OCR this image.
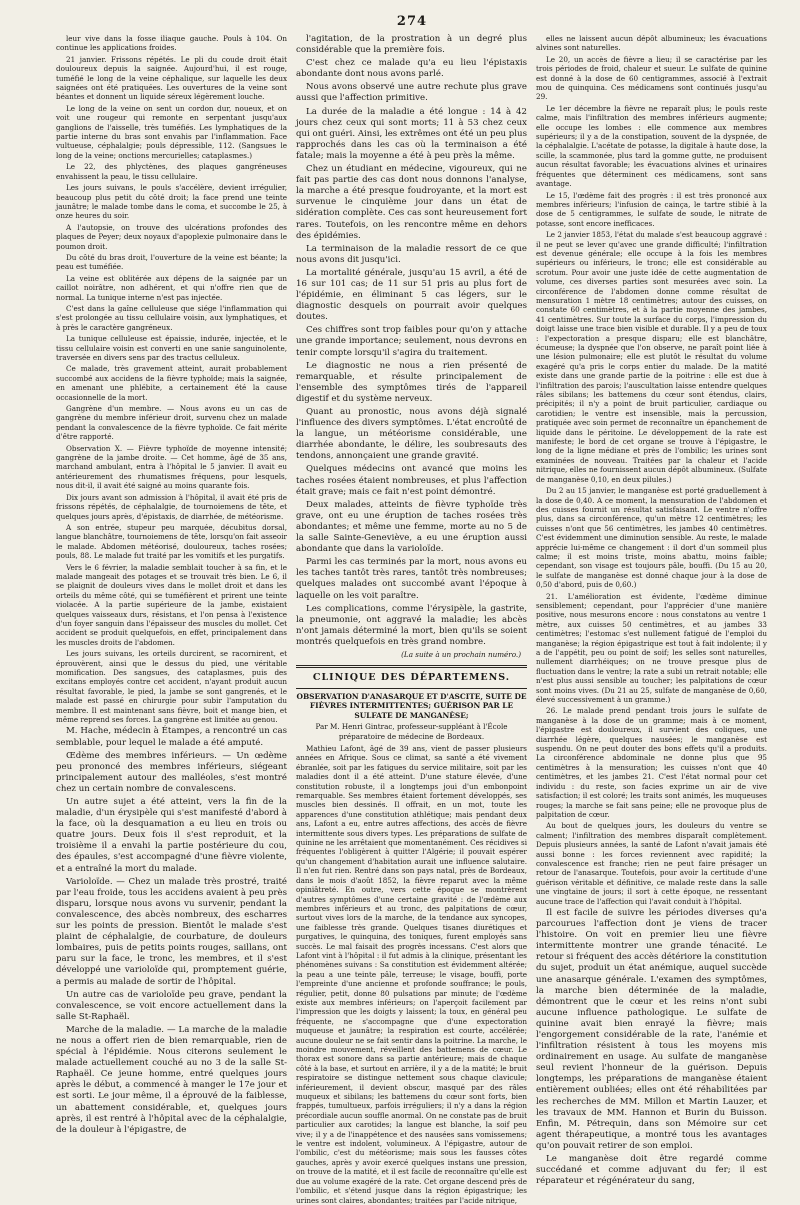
274

leur vive dans la fosse iliaque gauche. Pouls à 104. On continue les applications froides.

21 janvier. Frissons répétés. Le pli du coude droit était douloureux depuis la saignée. Aujourd'hui, il est rouge, tuméfié le long de la veine céphalique, sur laquelle les deux saignées ont été pratiquées. Les ouvertures de la veine sont béantes et donnent un liquide séreux légèrement louche.

Le long de la veine on sent un cordon dur, noueux, et on voit une rougeur qui remonte en serpentant jusqu'aux ganglions de l'aisselle, très tuméfiés. Les lymphatiques de la partie interne du bras sont envahis par l'inflammation. Face vultueuse, céphalalgie; pouls dépressible, 112. (Sangsues le long de la veine; onctions mercurielles; cataplasmes.)

Le 22, des phlyctènes, des plaques gangréneuses envahissent la peau, le tissu cellulaire.

Les jours suivans, le pouls s'accélère, devient irrégulier, beaucoup plus petit du côté droit; la face prend une teinte jaunâtre; le malade tombe dans le coma, et succombe le 25, à onze heures du soir.

A l'autopsie, on trouve des ulcérations profondes des plaques de Peyer; deux noyaux d'apoplexie pulmonaire dans le poumon droit.

Du côté du bras droit, l'ouverture de la veine est béante; la peau est tuméfiée.

La veine est oblitérée aux dépens de la saignée par un caillot noirâtre, non adhérent, et qui n'offre rien que de normal. La tunique interne n'est pas injectée.

C'est dans la gaîne celluleuse que siége l'inflammation qui s'est prolongée au tissu cellulaire voisin, aux lymphatiques, et à près le caractère gangréneux.

La tunique celluleuse est épaissie, indurée, injectée, et le tissu cellulaire voisin est converti en une sanie sanguinolente, traversée en divers sens par des tractus celluleux.

Ce malade, très gravement atteint, aurait probablement succombé aux accidens de la fièvre typhoïde; mais la saignée, en amenant une phlébite, a certainement été la cause occasionnelle de la mort.

Gangrène d'un membre. — Nous avons eu un cas de gangrène du membre inférieur droit, survenu chez un malade pendant la convalescence de la fièvre typhoïde. Ce fait mérite d'être rapporté.

Observation X. — Fièvre typhoïde de moyenne intensité; gangrène de la jambe droite. — Cet homme, âgé de 35 ans, marchand ambulant, entra à l'hôpital le 5 janvier. Il avait eu antérieurement des rhumatismes fréquens, pour lesquels, nous dit-il, il avait été saigné au moins quarante fois.

Dix jours avant son admission à l'hôpital, il avait été pris de frissons répétés, de céphalalgie, de tournoiemens de tête, et quelques jours après, d'épistaxis, de diarrhée, de météorisme.

A son entrée, stupeur peu marquée, décubitus dorsal, langue blanchâtre, tournoiemens de tête, lorsqu'on fait asseoir le malade. Abdomen météorisé, douloureux, taches rosées; pouls, 88. Le malade fut traité par les vomitifs et les purgatifs.

Vers le 6 février, la maladie semblait toucher à sa fin, et le malade mangeait des potages et se trouvait très bien. Le 6, il se plaignit de douleurs vives dans le mollet droit et dans les orteils du même côté, qui se tuméfièrent et prirent une teinte violacée. A la partie supérieure de la jambe, existaient quelques vaisseaux durs, résistans, et l'on pensa à l'existence d'un foyer sanguin dans l'épaisseur des muscles du mollet. Cet accident se produit quelquefois, en effet, principalement dans les muscles droits de l'abdomen.

Les jours suivans, les orteils durcirent, se racornirent, et éprouvèrent, ainsi que le dessus du pied, une véritable momification. Des sangsues, des cataplasmes, puis des excitans employés contre cet accident, n'ayant produit aucun résultat favorable, le pied, la jambe se sont gangrenés, et le malade est passé en chirurgie pour subir l'amputation du membre. Il est maintenant sans fièvre, boit et mange bien, et même reprend ses forces. La gangrène est limitée au genou.

M. Hache, médecin à Étampes, a rencontré un cas semblable, pour lequel le malade a été amputé.

Œdème des membres inférieurs. — Un œdème peu prononcé des membres inférieurs, siégeant principalement autour des malléoles, s'est montré chez un certain nombre de convalescens.

Un autre sujet a été atteint, vers la fin de la maladie, d'un érysipèle qui s'est manifesté d'abord à la face, où la desquamation a eu lieu en trois ou quatre jours. Deux fois il s'est reproduit, et la troisième il a envahi la partie postérieure du cou, des épaules, s'est accompagné d'une fièvre violente, et a entraîné la mort du malade.

Varioloïde. — Chez un malade très prostré, traité par l'eau froide, tous les accidens avaient à peu près disparu, lorsque nous avons vu survenir, pendant la convalescence, des abcès nombreux, des escharres sur les points de pression. Bientôt le malade s'est plaint de céphalalgie, de courbature, de douleurs lombaires, puis de petits points rouges, saillans, ont paru sur la face, le tronc, les membres, et il s'est développé une varioloïde qui, promptement guérie, a permis au malade de sortir de l'hôpital.

Un autre cas de varioloïde peu grave, pendant la convalescence, se voit encore actuellement dans la salle St-Raphaël.

Marche de la maladie. — La marche de la maladie ne nous a offert rien de bien remarquable, rien de spécial à l'épidémie. Nous citerons seulement le malade actuellement couché au no 3 de la salle St-Raphaël. Ce jeune homme, entré quelques jours après le début, a commencé à manger le 17e jour et est sorti. Le jour même, il a éprouvé de la faiblesse, un abattement considérable, et, quelques jours après, il est rentré à l'hôpital avec de la céphalalgie, de la douleur à l'épigastre, de

l'agitation, de la prostration à un degré plus considérable que la première fois.

C'est chez ce malade qu'a eu lieu l'épistaxis abondante dont nous avons parlé.

Nous avons observé une autre rechute plus grave aussi que l'affection primitive.

La durée de la maladie a été longue : 14 à 42 jours chez ceux qui sont morts; 11 à 53 chez ceux qui ont guéri. Ainsi, les extrêmes ont été un peu plus rapprochés dans les cas où la terminaison a été fatale; mais la moyenne a été à peu près la même.

Chez un étudiant en médecine, vigoureux, qui ne fait pas partie des cas dont nous donnons l'analyse, la marche a été presque foudroyante, et la mort est survenue le cinquième jour dans un état de sidération complète. Ces cas sont heureusement fort rares. Toutefois, on les rencontre même en dehors des épidémies.

La terminaison de la maladie ressort de ce que nous avons dit jusqu'ici.

La mortalité générale, jusqu'au 15 avril, a été de 16 sur 101 cas; de 11 sur 51 pris au plus fort de l'épidémie, en éliminant 5 cas légers, sur le diagnostic desquels on pourrait avoir quelques doutes.

Ces chiffres sont trop faibles pour qu'on y attache une grande importance; seulement, nous devrons en tenir compte lorsqu'il s'agira du traitement.

Le diagnostic ne nous a rien présenté de remarquable, et résulte principalement de l'ensemble des symptômes tirés de l'appareil digestif et du système nerveux.

Quant au pronostic, nous avons déjà signalé l'influence des divers symptômes. L'état encroûté de la langue, un météorisme considérable, une diarrhée abondante, le délire, les soubresauts des tendons, annonçaient une grande gravité.

Quelques médecins ont avancé que moins les taches rosées étaient nombreuses, et plus l'affection était grave; mais ce fait n'est point démontré.

Deux malades, atteints de fièvre typhoïde très grave, ont eu une éruption de taches rosées très abondantes; et même une femme, morte au no 5 de la salle Sainte-Geneviève, a eu une éruption aussi abondante que dans la varioloïde.

Parmi les cas terminés par la mort, nous avons eu les taches tantôt très rares, tantôt très nombreuses; quelques malades ont succombé avant l'époque à laquelle on les voit paraître.

Les complications, comme l'érysipèle, la gastrite, la pneumonie, ont aggravé la maladie; les abcès n'ont jamais déterminé la mort, bien qu'ils se soient montrés quelquefois en très grand nombre.

(La suite à un prochain numéro.)
CLINIQUE DES DÉPARTEMENS.
OBSERVATION D'ANASARQUE ET D'ASCITE, SUITE DE FIÈVRES INTERMITTENTES; GUÉRISON PAR LE SULFATE DE MANGANÈSE;
Par M. Henri Gintrac, professeur-suppléant à l'École préparatoire de médecine de Bordeaux.

Mathieu Lafont, âgé de 39 ans, vient de passer plusieurs années en Afrique. Sous ce climat, sa santé a été vivement ébranlée, soit par les fatigues du service militaire, soit par les maladies dont il a été atteint. D'une stature élevée, d'une constitution robuste, il a longtemps joui d'un embonpoint remarquable. Ses membres étaient fortement développés, ses muscles bien dessinés. Il offrait, en un mot, toute les apparences d'une constitution athlétique; mais pendant deux ans, Lafont a eu, entre autres affections, des accès de fièvre intermittente sous divers types. Les préparations de sulfate de quinine ne les arrêtaient que momentanément. Ces récidives si fréquentes l'obligèrent à quitter l'Algérie; il pouvait espérer qu'un changement d'habitation aurait une influence salutaire. Il n'en fut rien. Rentré dans son pays natal, près de Bordeaux, dans le mois d'août 1852, la fièvre reparut avec la même opiniâtreté. En outre, vers cette époque se montrèrent d'autres symptômes d'une certaine gravité : de l'œdème aux membres inférieurs et au tronc, des palpitations de cœur, surtout vives lors de la marche, de la tendance aux syncopes, une faiblesse très grande. Quelques tisanes diurétiques et purgatives, le quinquina, des toniques, furent employés sans succès. Le mal faisait des progrès incessans. C'est alors que Lafont vint à l'hôpital : il fut admis à la clinique, présentant les phénomènes suivans : Sa constitution est évidemment altérée; la peau a une teinte pâle, terreuse; le visage, bouffi, porte l'empreinte d'une ancienne et profonde souffrance; le pouls, régulier, petit, donne 80 pulsations par minute; de l'œdème existe aux membres inférieurs; on l'aperçoit facilement par l'impression que les doigts y laissent; la toux, en général peu fréquente, ne s'accompagne que d'une expectoration muqueuse et jaunâtre; la respiration est courte, accélérée; aucune douleur ne se fait sentir dans la poitrine. La marche, le moindre mouvement, réveillent des battemens de cœur. Le thorax est sonore dans sa partie antérieure; mais de chaque côté à la base, et surtout en arrière, il y a de la matité; le bruit respiratoire se distingue nettement sous chaque clavicule; inférieurement, il devient obscur, masqué par des râles muqueux et sibilans; les battemens du cœur sont forts, bien frappés, tumultueux, parfois irréguliers; il n'y a dans la région précordiale aucun souffle anormal. On ne constate pas de bruit particulier aux carotides; la langue est blanche, la soif peu vive; il y a de l'inappétence et des nausées sans vomissemens; le ventre est indolent, volumineux. A l'épigastre, autour de l'ombilic, c'est du météorisme; mais sous les fausses côtes gauches, après y avoir exercé quelques instans une pression, on trouve de la matité, et il est facile de reconnaître qu'elle est due au volume exagéré de la rate. Cet organe descend près de l'ombilic, et s'étend jusque dans la région épigastrique; les urines sont claires, abondantes; traitées par l'acide nitrique,

elles ne laissent aucun dépôt albumineux; les évacuations alvines sont naturelles.

Le 20, un accès de fièvre a lieu; il se caractérise par les trois périodes de froid, chaleur et sueur. Le sulfate de quinine est donné à la dose de 60 centigrammes, associé à l'extrait mou de quinquina. Ces médicamens sont continués jusqu'au 29.

Le 1er décembre la fièvre ne reparaît plus; le pouls reste calme, mais l'infiltration des membres inférieurs augmente; elle occupe les lombes : elle commence aux membres supérieurs; il y a de la constipation, souvent de la dyspnée, de la céphalalgie. L'acétate de potasse, la digitale à haute dose, la scille, la scammonée, plus tard la gomme gutte, ne produisent aucun résultat favorable; les évacuations alvines et urinaires fréquentes que déterminent ces médicamens, sont sans avantage.

Le 15, l'œdème fait des progrès : il est très prononcé aux membres inférieurs; l'infusion de cainça, le tartre stibié à la dose de 5 centigrammes, le sulfate de soude, le nitrate de potasse, sont encore inefficaces.

Le 2 janvier 1853, l'état du malade s'est beaucoup aggravé : il ne peut se lever qu'avec une grande difficulté; l'infiltration est devenue générale; elle occupe à la fois les membres supérieurs ou inférieurs, le tronc; elle est considérable au scrotum. Pour avoir une juste idée de cette augmentation de volume, ces diverses parties sont mesurées avec soin. La circonférence de l'abdomen donne comme résultat de mensuration 1 mètre 18 centimètres; autour des cuisses, on constate 60 centimètres, et à la partie moyenne des jambes, 41 centimètres. Sur toute la surface du corps, l'impression du doigt laisse une trace bien visible et durable. Il y a peu de toux : l'expectoration a presque disparu; elle est blanchâtre, écumeuse; la dyspnée que l'on observe, ne paraît point liée à une lésion pulmonaire; elle est plutôt le résultat du volume exagéré qu'a pris le corps entier du malade. De la matité existe dans une grande partie de la poitrine : elle est due à l'infiltration des parois; l'auscultation laisse entendre quelques râles sibilans; les battemens du cœur sont étendus, clairs, précipités; il n'y a point de bruit particulier, cardiaque ou carotidien; le ventre est insensible, mais la percussion, pratiquée avec soin permet de reconnaître un épanchement de liquide dans le péritoine. Le développement de la rate est manifeste; le bord de cet organe se trouve à l'épigastre, le long de la ligne médiane et près de l'ombilic; les urines sont examinées de nouveau. Traitées par la chaleur et l'acide nitrique, elles ne fournissent aucun dépôt albumineux. (Sulfate de manganèse 0,10, en deux pilules.)

Du 2 au 15 janvier, le manganèse est porté graduellement à la dose de 0,40. A ce moment, la mensuration de l'abdomen et des cuisses fournit un résultat satisfaisant. Le ventre n'offre plus, dans sa circonférence, qu'un mètre 12 centimètres; les cuisses n'ont que 56 centimètres, les jambes 40 centimètres. C'est évidemment une diminution sensible. Au reste, le malade apprécie lui-même ce changement : il dort d'un sommeil plus calme; il est moins triste, moins abattu, moins faible; cependant, son visage est toujours pâle, bouffi. (Du 15 au 20, le sulfate de manganèse est donné chaque jour à la dose de 0,50 d'abord, puis de 0,60.)

21. L'amélioration est évidente, l'œdème diminue sensiblement; cependant, pour l'apprécier d'une manière positive, nous mesurons encore : nous constatons au ventre 1 mètre, aux cuisses 50 centimètres, et au jambes 33 centimètres; l'estomac s'est nullement fatigué de l'emploi du manganèse; la région épigastrique est tout à fait indolente; il y a de l'appétit, peu ou point de soif; les selles sont naturelles, nullement diarrhéiques; on ne trouve presque plus de fluctuation dans le ventre; la rate a subi un retrait notable; elle n'est plus aussi sensible au toucher; les palpitations de cœur sont moins vives. (Du 21 au 25, sulfate de manganèse de 0,60, élevé successivement à un gramme.)

26. Le malade prend pendant trois jours le sulfate de manganèse à la dose de un gramme; mais à ce moment, l'épigastre est douloureux, il survient des coliques, une diarrhée légère, quelques nausées; le manganèse est suspendu. On ne peut douter des bons effets qu'il a produits. La circonférence abdominale ne donne plus que 95 centimètres à la mensuration; les cuisses n'ont que 40 centimètres, et les jambes 21. C'est l'état normal pour cet individu : du reste, son facies exprime un air de vive satisfaction; il est coloré; les traits sont animés, les muqueuses rouges; la marche se fait sans peine; elle ne provoque plus de palpitation de cœur.

Au bout de quelques jours, les douleurs du ventre se calment; l'infiltration des membres disparaît complètement. Depuis plusieurs années, la santé de Lafont n'avait jamais été aussi bonne : les forces reviennent avec rapidité; la convalescence est franche; rien ne peut faire présager un retour de l'anasarque. Toutefois, pour avoir la certitude d'une guérison véritable et définitive, ce malade reste dans la salle une vingtaine de jours; il sort à cette époque, ne ressentant aucune trace de l'affection qui l'avait conduit à l'hôpital.

Il est facile de suivre les périodes diverses qu'a parcourues l'affection dont je viens de tracer l'histoire. On voit en premier lieu une fièvre intermittente montrer une grande ténacité. Le retour si fréquent des accès détériore la constitution du sujet, produit un état anémique, auquel succède une anasarque générale. L'examen des symptômes, la marche bien déterminée de la maladie, démontrent que le cœur et les reins n'ont subi aucune influence pathologique. Le sulfate de quinine avait bien enrayé la fièvre; mais l'engorgement considérable de la rate, l'anémie et l'infiltration résistent à tous les moyens mis ordinairement en usage. Au sulfate de manganèse seul revient l'honneur de la guérison. Depuis longtemps, les préparations de manganèse étaient entièrement oubliées; elles ont été réhabilitées par les recherches de MM. Millon et Martin Lauzer, et les travaux de MM. Hannon et Burin du Buisson. Enfin, M. Pétrequin, dans son Mémoire sur cet agent thérapeutique, a montré tous les avantages qu'on pouvait retirer de son emploi.

Le manganèse doit être regardé comme succédané et comme adjuvant du fer; il est réparateur et régénérateur du sang,
